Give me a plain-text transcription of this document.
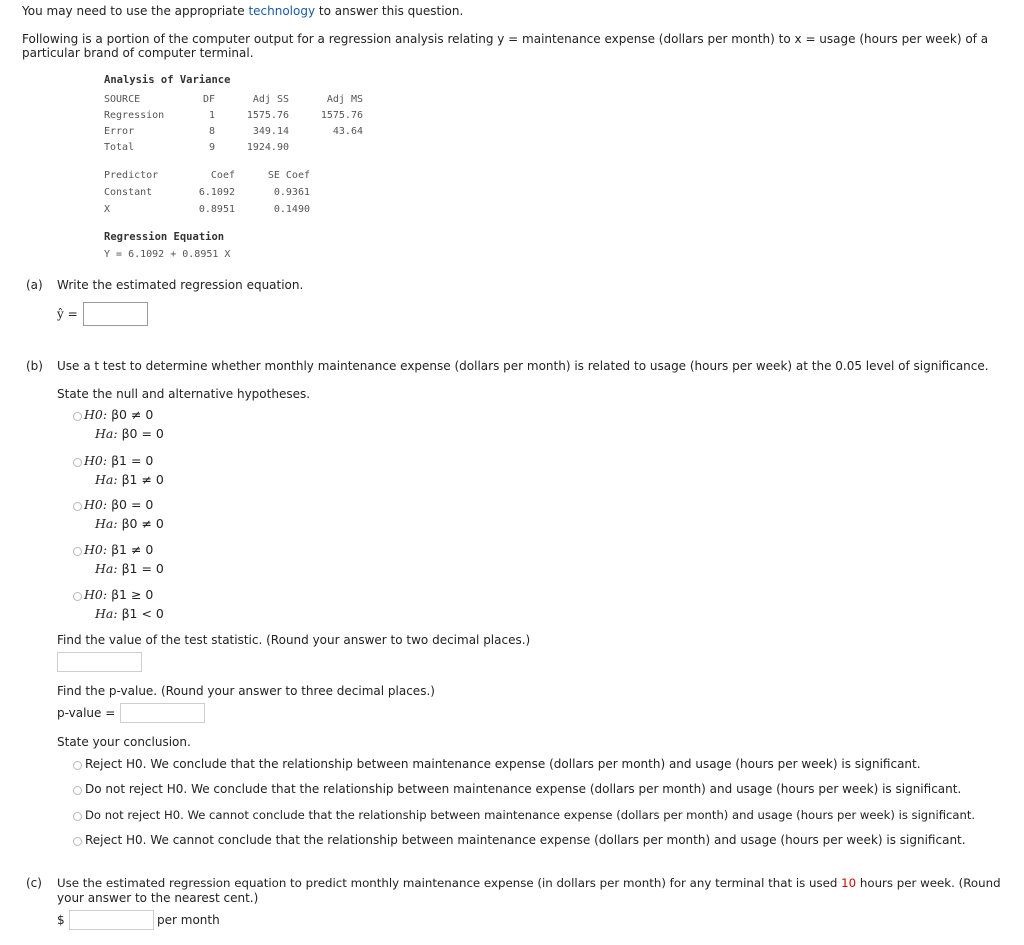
You may need to use the appropriate technology to answer this question.
Following is a portion of the computer output for a regression analysis relating y = maintenance expense (dollars per month) to x = usage (hours per week) of a
particular brand of computer terminal.
Analysis of Variance
SOURCE	DF	Adj SS	Adj MS
Regression	1	1575.76	1575.76
Error	8	349.14	43.64
Total	9	1924.90
Predictor	Coef	SE Coef
Constant	6.1092	0.9361
X	0.8951	0.1490
Regression Equation
Y = 6.1092 + 0.8951 X
(a) Write the estimated regression equation.
ŷ =
(b) Use a t test to determine whether monthly maintenance expense (dollars per month) is related to usage (hours per week) at the 0.05 level of significance.
State the null and alternative hypotheses.
H0: β0 ≠ 0
Ha: β0 = 0
H0: β1 = 0
Ha: β1 ≠ 0
H0: β0 = 0
Ha: β0 ≠ 0
H0: β1 ≠ 0
Ha: β1 = 0
H0: β1 ≥ 0
Ha: β1 < 0
Find the value of the test statistic. (Round your answer to two decimal places.)
Find the p-value. (Round your answer to three decimal places.)
p-value =
State your conclusion.
Reject H0. We conclude that the relationship between maintenance expense (dollars per month) and usage (hours per week) is significant.
Do not reject H0. We conclude that the relationship between maintenance expense (dollars per month) and usage (hours per week) is significant.
Do not reject H0. We cannot conclude that the relationship between maintenance expense (dollars per month) and usage (hours per week) is significant.
Reject H0. We cannot conclude that the relationship between maintenance expense (dollars per month) and usage (hours per week) is significant.
(c) Use the estimated regression equation to predict monthly maintenance expense (in dollars per month) for any terminal that is used 10 hours per week. (Round
your answer to the nearest cent.)
$	per month
